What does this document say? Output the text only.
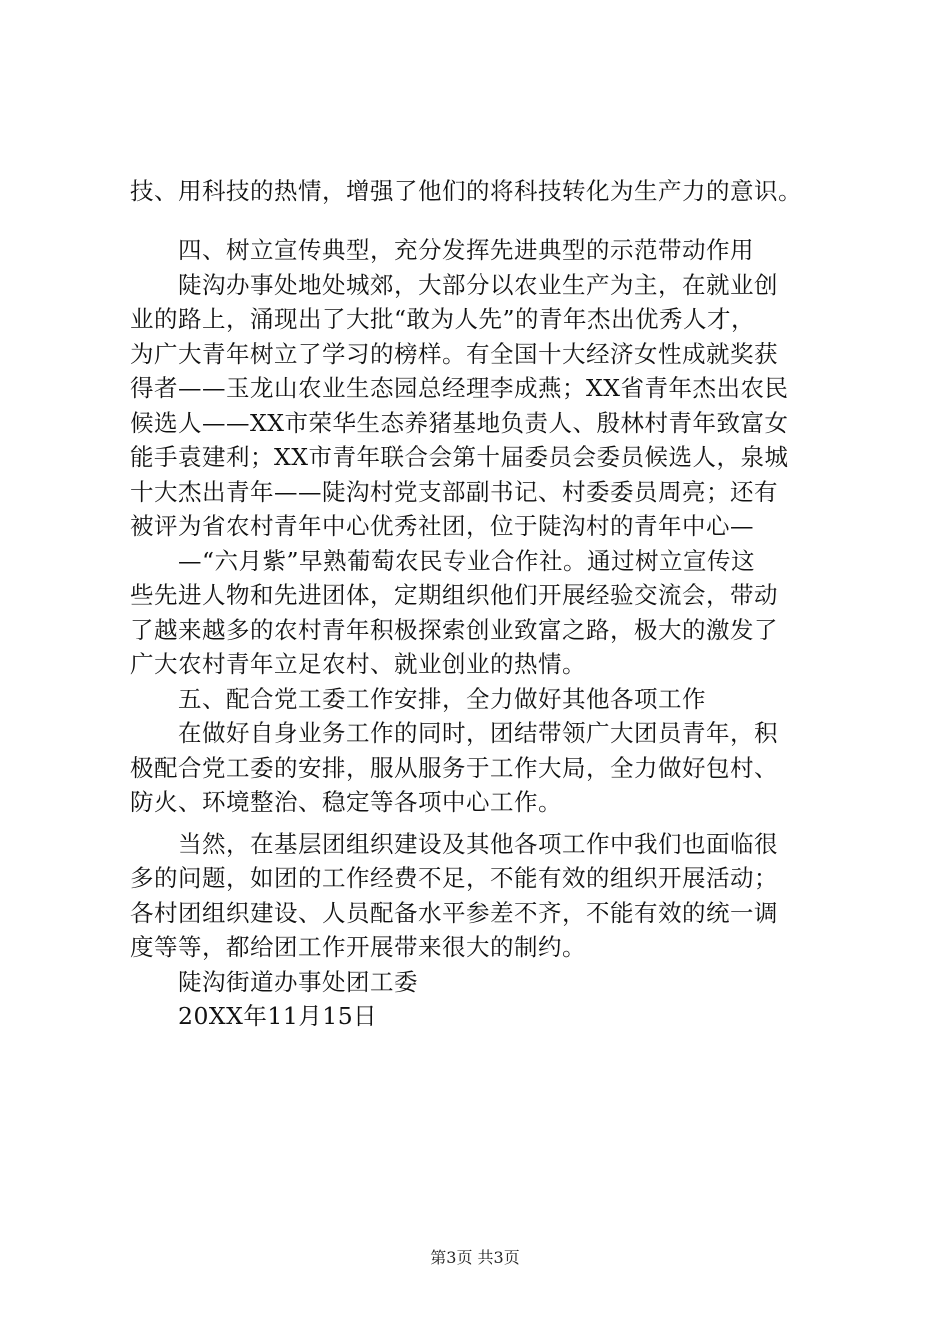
技、用科技的热情，增强了他们的将科技转化为生产力的意识。
四、树立宣传典型，充分发挥先进典型的示范带动作用
陡沟办事处地处城郊，大部分以农业生产为主，在就业创
业的路上，涌现出了大批“敢为人先”的青年杰出优秀人才，
为广大青年树立了学习的榜样。有全国十大经济女性成就奖获
得者——玉龙山农业生态园总经理李成燕；XX省青年杰出农民
候选人——XX市荣华生态养猪基地负责人、殷林村青年致富女
能手袁建利；XX市青年联合会第十届委员会委员候选人，泉城
十大杰出青年——陡沟村党支部副书记、村委委员周亮；还有
被评为省农村青年中心优秀社团，位于陡沟村的青年中心—
—“六月紫”早熟葡萄农民专业合作社。通过树立宣传这
些先进人物和先进团体，定期组织他们开展经验交流会，带动
了越来越多的农村青年积极探索创业致富之路，极大的激发了
广大农村青年立足农村、就业创业的热情。
五、配合党工委工作安排，全力做好其他各项工作
在做好自身业务工作的同时，团结带领广大团员青年，积
极配合党工委的安排，服从服务于工作大局，全力做好包村、
防火、环境整治、稳定等各项中心工作。
当然，在基层团组织建设及其他各项工作中我们也面临很
多的问题，如团的工作经费不足，不能有效的组织开展活动；
各村团组织建设、人员配备水平参差不齐，不能有效的统一调
度等等，都给团工作开展带来很大的制约。
陡沟街道办事处团工委
20XX年11月15日
第3页 共3页
